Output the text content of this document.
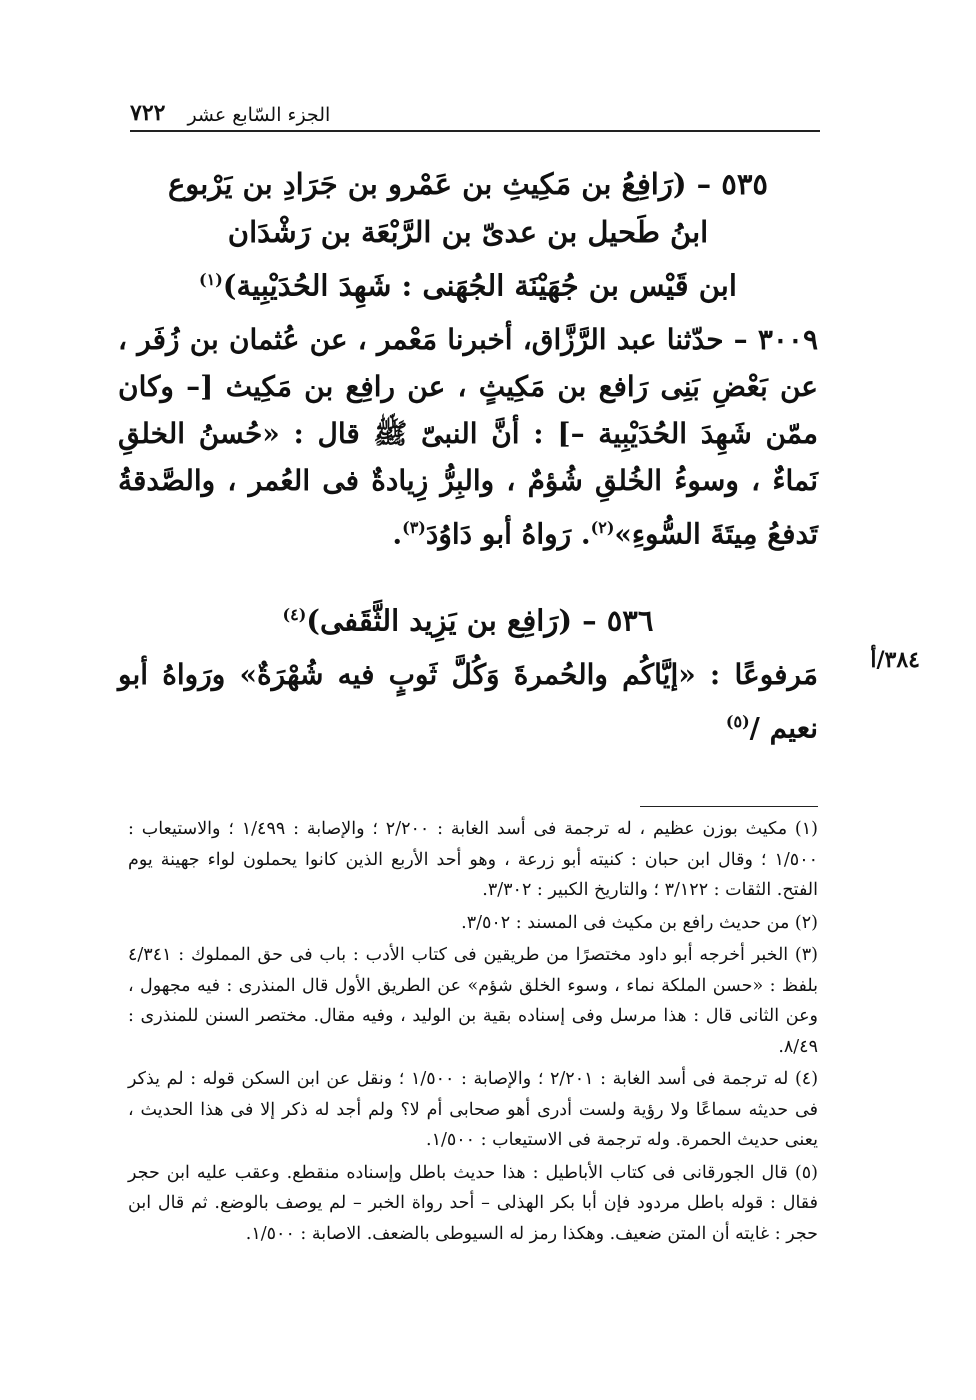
٧٢٢ الجزء السّابع عشر
٥٣٥ – (رَافِعُ بن مَكِيثِ بن عَمْرو بن جَرَادِ بن يَرْبوع
ابنُ طَحيل بن عدىّ بن الرَّبْعَة بن رَشْدَان
ابن قَيْس بن جُهَيْنَة الجُهَنى : شَهِدَ الحُدَيْبِية)$^{(١)}$
٣٠٠٩ – حدّثنا عبد الرَّزَّاق، أخبرنا مَعْمر ، عن عُثمان بن زُفَر ، عن بَعْضِ بَنِى رَافع بن مَكِيثٍ ، عن رافِع بن مَكِيث [– وكان ممّن شَهِدَ الحُدَيْبِية –] : أنَّ النبىّ ﷺ قال : «حُسنُ الخلقِ نَماءٌ ، وسوءُ الخُلقِ شُؤمٌ ، والبِرُّ زِيادةٌ فى العُمر ، والصَّدقةُ تَدفعُ مِيتَةَ السُّوءِ»$^{(٢)}$. رَواهُ أبو دَاوُدَ$^{(٣)}$.
٥٣٦ – (رَافِع بن يَزِيد الثَّقَفى)$^{(٤)}$
مَرفوعًا : «إيَّاكُم والحُمرةَ وَكُلَّ ثَوبٍ فيه شُهْرَةٌ» ورَواهُ أبو نعيم /$^{(٥)}$
٣٨٤/أ

(١) مكيث بوزن عظيم ، له ترجمة فى أسد الغابة : ٢/٢٠٠ ؛ والإصابة : ١/٤٩٩ ؛ والاستيعاب : ١/٥٠٠ ؛ وقال ابن حبان : كنيته أبو زرعة ، وهو أحد الأربع الذين كانوا يحملون لواء جهينة يوم الفتح. الثقات : ٣/١٢٢ ؛ والتاريخ الكبير : ٣/٣٠٢.

(٢) من حديث رافع بن مكيث فى المسند : ٣/٥٠٢.

(٣) الخبر أخرجه أبو داود مختصرًا من طريقين فى كتاب الأدب : باب فى حق المملوك : ٤/٣٤١ بلفظ : «حسن الملكة نماء ، وسوء الخلق شؤم» عن الطريق الأول قال المنذرى : فيه مجهول ، وعن الثانى قال : هذا مرسل وفى إسناده بقية بن الوليد ، وفيه مقال. مختصر السنن للمنذرى : ٨/٤٩.

(٤) له ترجمة فى أسد الغابة : ٢/٢٠١ ؛ والإصابة : ١/٥٠٠ ؛ ونقل عن ابن السكن قوله : لم يذكر فى حديثه سماعًا ولا رؤية ولست أدرى أهو صحابى أم لا؟ ولم أجد له ذكر إلا فى هذا الحديث ، يعنى حديث الحمرة. وله ترجمة فى الاستيعاب : ١/٥٠٠.

(٥) قال الجورقانى فى كتاب الأباطيل : هذا حديث باطل وإسناده منقطع. وعقب عليه ابن حجر فقال : قوله باطل مردود فإن أبا بكر الهذلى – أحد رواة الخبر – لم يوصف بالوضع. ثم قال ابن حجر : غايته أن المتن ضعيف. وهكذا رمز له السيوطى بالضعف. الاصابة : ١/٥٠٠.
